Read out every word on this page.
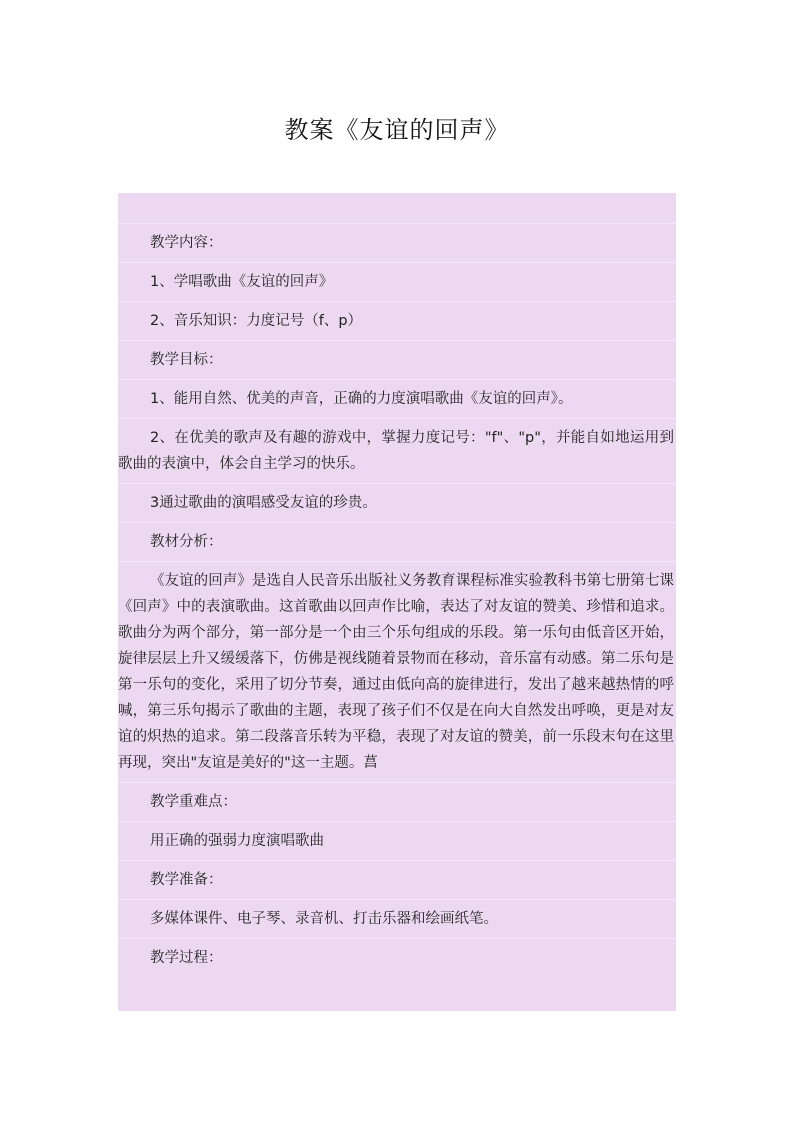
教案《友谊的回声》
教学内容：
1、学唱歌曲《友谊的回声》
2、音乐知识：力度记号（f、p）
教学目标：
1、能用自然、优美的声音，正确的力度演唱歌曲《友谊的回声》。
2、在优美的歌声及有趣的游戏中，掌握力度记号："f"、"p"，并能自如地运用到歌曲的表演中，体会自主学习的快乐。
3通过歌曲的演唱感受友谊的珍贵。
教材分析：
《友谊的回声》是选自人民音乐出版社义务教育课程标准实验教科书第七册第七课《回声》中的表演歌曲。这首歌曲以回声作比喻，表达了对友谊的赞美、珍惜和追求。歌曲分为两个部分，第一部分是一个由三个乐句组成的乐段。第一乐句由低音区开始，旋律层层上升又缓缓落下，仿佛是视线随着景物而在移动，音乐富有动感。第二乐句是第一乐句的变化，采用了切分节奏，通过由低向高的旋律进行，发出了越来越热情的呼喊，第三乐句揭示了歌曲的主题，表现了孩子们不仅是在向大自然发出呼唤，更是对友谊的炽热的追求。第二段落音乐转为平稳，表现了对友谊的赞美，前一乐段末句在这里再现，突出"友谊是美好的"这一主题。菖
教学重难点：
用正确的强弱力度演唱歌曲
教学准备：
多媒体课件、电子琴、录音机、打击乐器和绘画纸笔。
教学过程：
